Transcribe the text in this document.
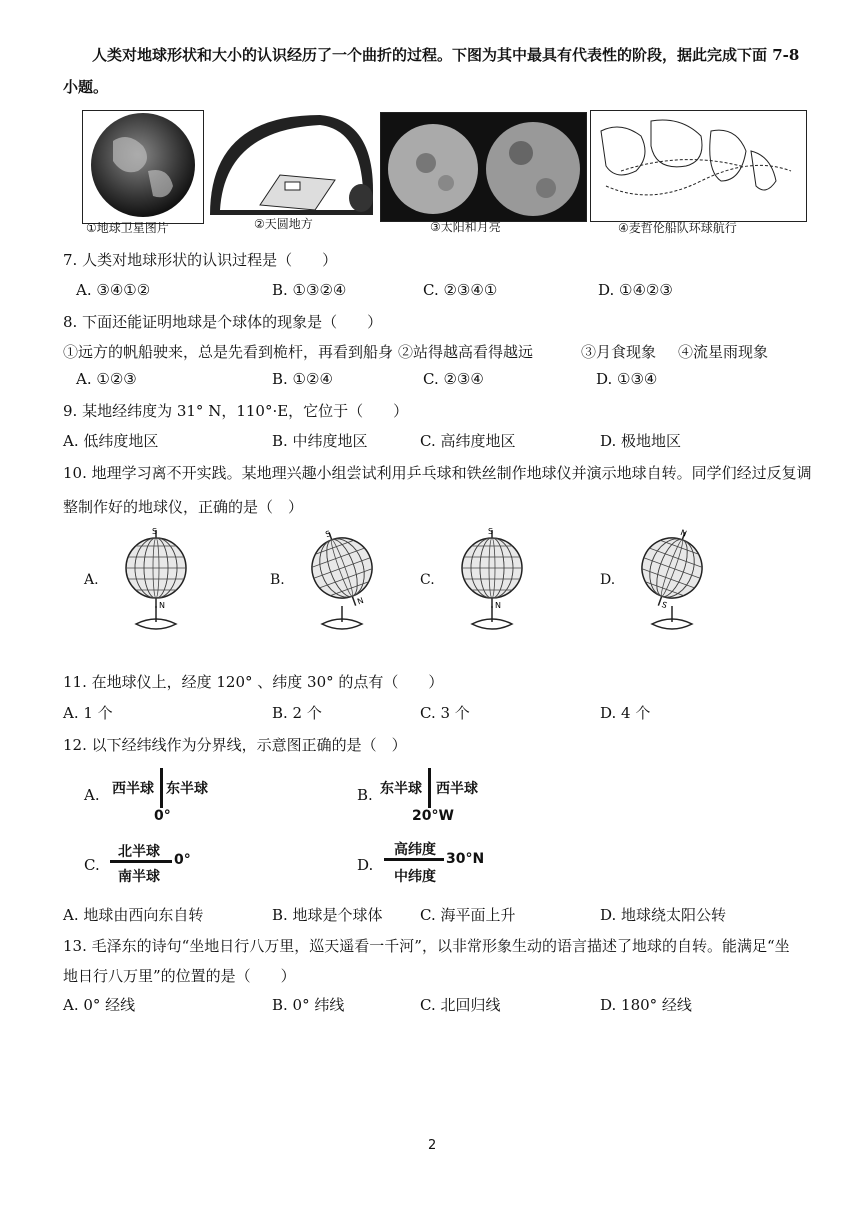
人类对地球形状和大小的认识经历了一个曲折的过程。下图为其中最具有代表性的阶段，据此完成下面 7-8
小题。
①地球卫星图片	②天圆地方	③太阳和月亮	④麦哲伦船队环球航行
7. 人类对地球形状的认识过程是（　　）
A. ③④①②	B. ①③②④	C. ②③④①	D. ①④②③
8. 下面还能证明地球是个球体的现象是（　　）
①远方的帆船驶来，总是先看到桅杆，再看到船身 ②站得越高看得越远	③月食现象 ④流星雨现象
A. ①②③	B. ①②④	C. ②③④	D. ①③④
9. 某地经纬度为 31° N，110°·E，它位于（　　）
A. 低纬度地区	B. 中纬度地区	C. 高纬度地区	D. 极地地区
10. 地理学习离不开实践。某地理兴趣小组尝试利用乒乓球和铁丝制作地球仪并演示地球自转。同学们经过反复调
整制作好的地球仪，正确的是（　）
A.
S
N
B.
S
N
C.
S
N
D.
N
S
11. 在地球仪上，经度 120° 、纬度 30° 的点有（　　）
A. 1 个	B. 2 个	C. 3 个	D. 4 个
12. 以下经纬线作为分界线，示意图正确的是（　）
A. 西半球 东半球
0°
B. 东半球 西半球
20°W
C.
北半球
南半球
0°	D.
高纬度
中纬度
30°N
A. 地球由西向东自转	B. 地球是个球体 C. 海平面上升	D. 地球绕太阳公转
13. 毛泽东的诗句“坐地日行八万里，巡天遥看一千河”，以非常形象生动的语言描述了地球的自转。能满足“坐
地日行八万里”的位置的是（　　）
A. 0° 经线	B. 0° 纬线	C. 北回归线	D. 180° 经线
2
